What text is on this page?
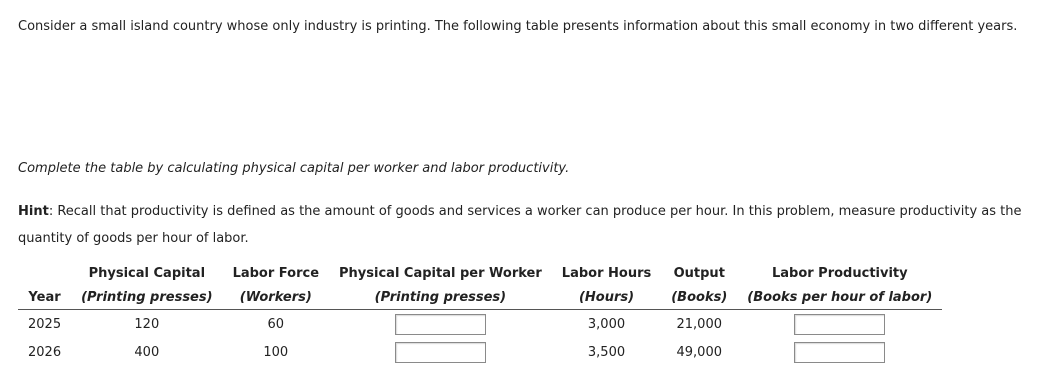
Consider a small island country whose only industry is printing. The following table presents information about this small economy in two different years.
Complete the table by calculating physical capital per worker and labor productivity.
Hint: Recall that productivity is defined as the amount of goods and services a worker can produce per hour. In this problem, measure productivity as the quantity of goods per hour of labor.
	Physical Capital	Labor Force	Physical Capital per Worker	Labor Hours	Output	Labor Productivity
Year	(Printing presses)	(Workers)	(Printing presses)	(Hours)	(Books)	(Books per hour of labor)
2025	120	60		3,000	21,000	
2026	400	100		3,500	49,000	
